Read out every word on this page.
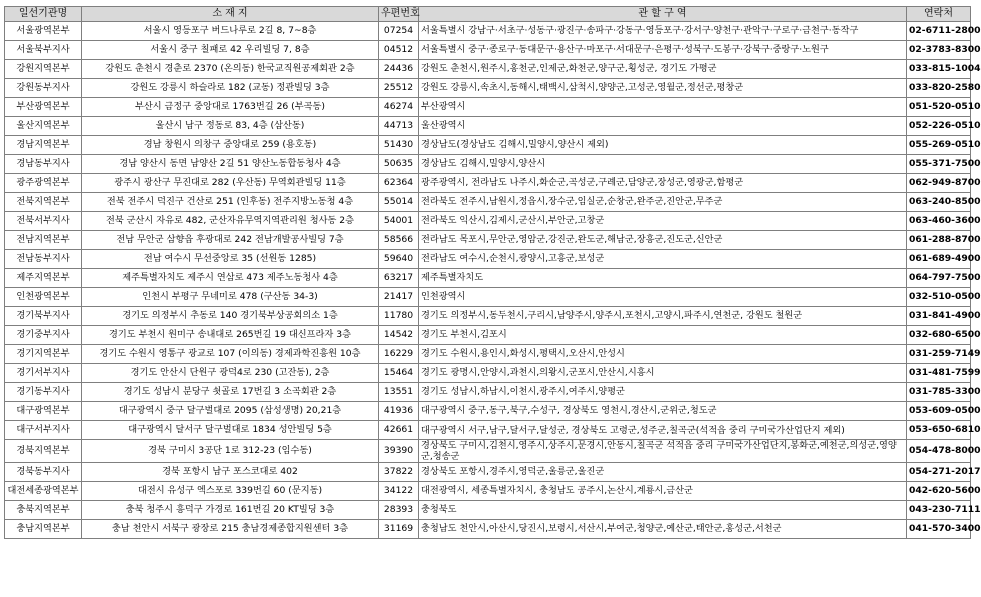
일선기관명	소 재 지	우편번호	관 할 구 역	연락처
서울광역본부	서울시 영등포구 버드나루로 2길 8, 7~8층	07254	서울특별시 강남구·서초구·성동구·광진구·송파구·강동구·영등포구·강서구·양천구·관악구·구로구·금천구·동작구	02-6711-2800
서울북부지사	서울시 중구 칠패로 42 우리빌딩 7, 8층	04512	서울특별시 중구·종로구·동대문구·용산구·마포구·서대문구·은평구·성북구·도봉구·강북구·중랑구·노원구	02-3783-8300
강원지역본부	강원도 춘천시 경춘로 2370 (온의동) 한국교직원공제회관 2층	24436	강원도 춘천시,원주시,홍천군,인제군,화천군,양구군,횡성군, 경기도 가평군	033-815-1004
강원동부지사	강원도 강릉시 하슬라로 182 (교동) 정관빌딩 3층	25512	강원도 강릉시,속초시,동해시,태백시,삼척시,양양군,고성군,영월군,정선군,평창군	033-820-2580
부산광역본부	부산시 금정구 중앙대로 1763번길 26 (부곡동)	46274	부산광역시	051-520-0510
울산지역본부	울산시 남구 정동로 83, 4층 (삼산동)	44713	울산광역시	052-226-0510
경남지역본부	경남 창원시 의창구 중앙대로 259 (용호동)	51430	경상남도(경상남도 김해시,밀양시,양산시 제외)	055-269-0510
경남동부지사	경남 양산시 동면 남양산 2길 51 양산노동합동청사 4층	50635	경상남도 김해시,밀양시,양산시	055-371-7500
광주광역본부	광주시 광산구 무진대로 282 (우산동) 무역회관빌딩 11층	62364	광주광역시, 전라남도 나주시,화순군,곡성군,구례군,담양군,장성군,영광군,함평군	062-949-8700
전북지역본부	전북 전주시 덕진구 건산로 251 (인후동) 전주지방노동청 4층	55014	전라북도 전주시,남원시,정읍시,장수군,임실군,순창군,완주군,진안군,무주군	063-240-8500
전북서부지사	전북 군산시 자유로 482, 군산자유무역지역관리원 청사동 2층	54001	전라북도 익산시,김제시,군산시,부안군,고창군	063-460-3600
전남지역본부	전남 무안군 삼향읍 후광대로 242 전남개발공사빌딩 7층	58566	전라남도 목포시,무안군,영암군,강진군,완도군,해남군,장흥군,진도군,신안군	061-288-8700
전남동부지사	전남 여수시 무선중앙로 35 (선원동 1285)	59640	전라남도 여수시,순천시,광양시,고흥군,보성군	061-689-4900
제주지역본부	제주특별자치도 제주시 연삼로 473 제주노동청사 4층	63217	제주특별자치도	064-797-7500
인천광역본부	인천시 부평구 무네미로 478 (구산동 34-3)	21417	인천광역시	032-510-0500
경기북부지사	경기도 의정부시 추동로 140 경기북부상공회의소 1층	11780	경기도 의정부시,동두천시,구리시,남양주시,양주시,포천시,고양시,파주시,연천군, 강원도 철원군	031-841-4900
경기중부지사	경기도 부천시 원미구 송내대로 265번길 19 대신프라자 3층	14542	경기도 부천시,김포시	032-680-6500
경기지역본부	경기도 수원시 영통구 광교로 107 (이의동) 경제과학진흥원 10층	16229	경기도 수원시,용인시,화성시,평택시,오산시,안성시	031-259-7149
경기서부지사	경기도 안산시 단원구 광덕4로 230 (고잔동), 2층	15464	경기도 광명시,안양시,과천시,의왕시,군포시,안산시,시흥시	031-481-7599
경기동부지사	경기도 성남시 분당구 쇳골로 17번길 3 소곡회관 2층	13551	경기도 성남시,하남시,이천시,광주시,여주시,양평군	031-785-3300
대구광역본부	대구광역시 중구 달구벌대로 2095 (삼성생명) 20,21층	41936	대구광역시 중구,동구,북구,수성구, 경상북도 영천시,경산시,군위군,청도군	053-609-0500
대구서부지사	대구광역시 달서구 달구벌대로 1834 성안빌딩 5층	42661	대구광역시 서구,남구,달서구,달성군, 경상북도 고령군,성주군,칠곡군(석적읍 중리 구미국가산업단지 제외)	053-650-6810
경북지역본부	경북 구미시 3공단 1로 312-23 (임수동)	39390	경상북도 구미시,김천시,영주시,상주시,문경시,안동시,칠곡군 석적읍 중리 구미국가산업단지,봉화군,예천군,의성군,영양군,청송군	054-478-8000
경북동부지사	경북 포항시 남구 포스코대로 402	37822	경상북도 포항시,경주시,영덕군,울릉군,울진군	054-271-2017
대전세종광역본부	대전시 유성구 엑스포로 339번길 60 (문지동)	34122	대전광역시, 세종특별자치시, 충청남도 공주시,논산시,계룡시,금산군	042-620-5600
충북지역본부	충북 청주시 흥덕구 가경로 161번길 20 KT빌딩 3층	28393	충청북도	043-230-7111
충남지역본부	충남 천안시 서북구 광장로 215 충남경제종합지원센터 3층	31169	충청남도 천안시,아산시,당진시,보령시,서산시,부여군,청양군,예산군,태안군,홍성군,서천군	041-570-3400
